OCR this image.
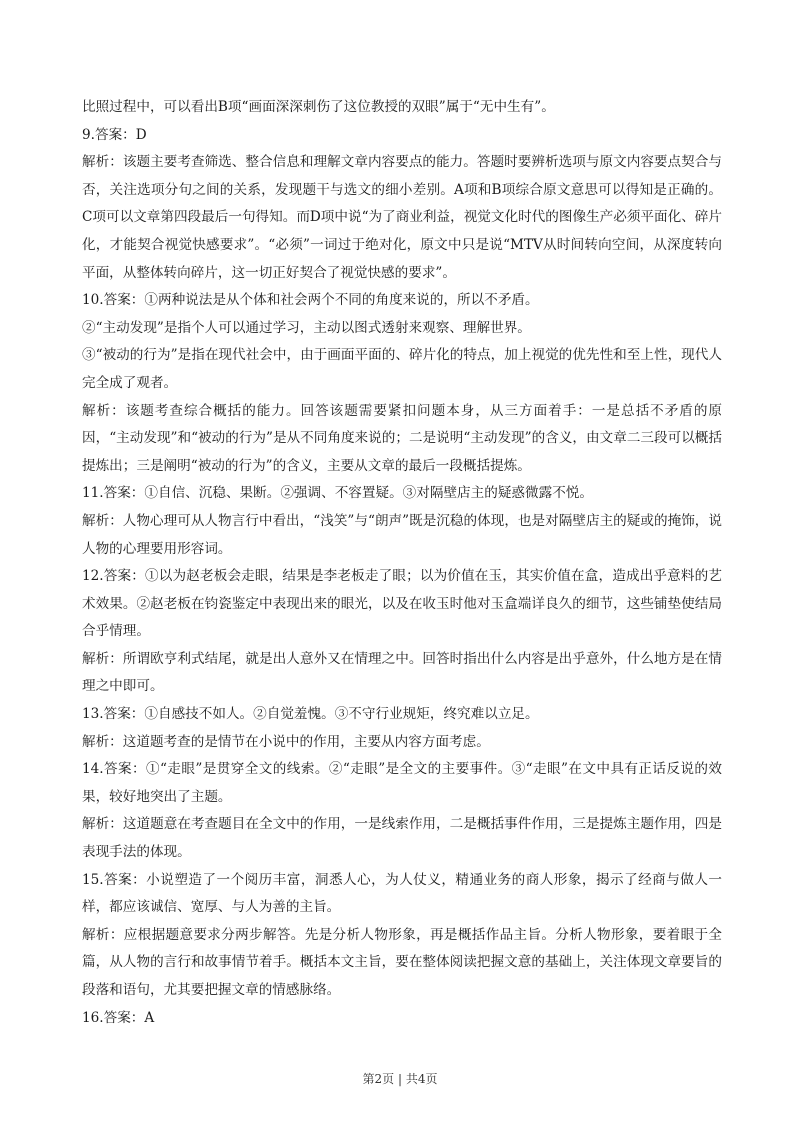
比照过程中，可以看出B项“画面深深刺伤了这位教授的双眼”属于“无中生有”。

9.答案：D

解析：该题主要考查筛选、整合信息和理解文章内容要点的能力。答题时要辨析选项与原文内容要点契合与否，关注选项分句之间的关系，发现题干与选文的细小差别。A项和B项综合原文意思可以得知是正确的。C项可以文章第四段最后一句得知。而D项中说“为了商业利益，视觉文化时代的图像生产必须平面化、碎片化，才能契合视觉快感要求”。“必须”一词过于绝对化，原文中只是说“MTV从时间转向空间，从深度转向平面，从整体转向碎片，这一切正好契合了视觉快感的要求”。

10.答案：①两种说法是从个体和社会两个不同的角度来说的，所以不矛盾。

②“主动发现”是指个人可以通过学习，主动以图式透射来观察、理解世界。

③“被动的行为”是指在现代社会中，由于画面平面的、碎片化的特点，加上视觉的优先性和至上性，现代人完全成了观者。

解析：该题考查综合概括的能力。回答该题需要紧扣问题本身，从三方面着手：一是总括不矛盾的原因，“主动发现”和“被动的行为”是从不同角度来说的；二是说明“主动发现”的含义，由文章二三段可以概括提炼出；三是阐明“被动的行为”的含义，主要从文章的最后一段概括提炼。

11.答案：①自信、沉稳、果断。②强调、不容置疑。③对隔壁店主的疑惑微露不悦。

解析：人物心理可从人物言行中看出，“浅笑”与“朗声”既是沉稳的体现，也是对隔壁店主的疑或的掩饰，说人物的心理要用形容词。

12.答案：①以为赵老板会走眼，结果是李老板走了眼；以为价值在玉，其实价值在盒，造成出乎意料的艺术效果。②赵老板在钧瓷鉴定中表现出来的眼光，以及在收玉时他对玉盒端详良久的细节，这些铺垫使结局合乎情理。

解析：所谓欧亨利式结尾，就是出人意外又在情理之中。回答时指出什么内容是出乎意外，什么地方是在情理之中即可。

13.答案：①自感技不如人。②自觉羞愧。③不守行业规矩，终究难以立足。

解析：这道题考查的是情节在小说中的作用，主要从内容方面考虑。

14.答案：①“走眼”是贯穿全文的线索。②“走眼”是全文的主要事件。③“走眼”在文中具有正话反说的效果，较好地突出了主题。

解析：这道题意在考查题目在全文中的作用，一是线索作用，二是概括事件作用，三是提炼主题作用，四是表现手法的体现。

15.答案：小说塑造了一个阅历丰富，洞悉人心，为人仗义，精通业务的商人形象，揭示了经商与做人一样，都应该诚信、宽厚、与人为善的主旨。

解析：应根据题意要求分两步解答。先是分析人物形象，再是概括作品主旨。分析人物形象，要着眼于全篇，从人物的言行和故事情节着手。概括本文主旨，要在整体阅读把握文意的基础上，关注体现文章要旨的段落和语句，尤其要把握文章的情感脉络。

16.答案：A

第2页 | 共4页
